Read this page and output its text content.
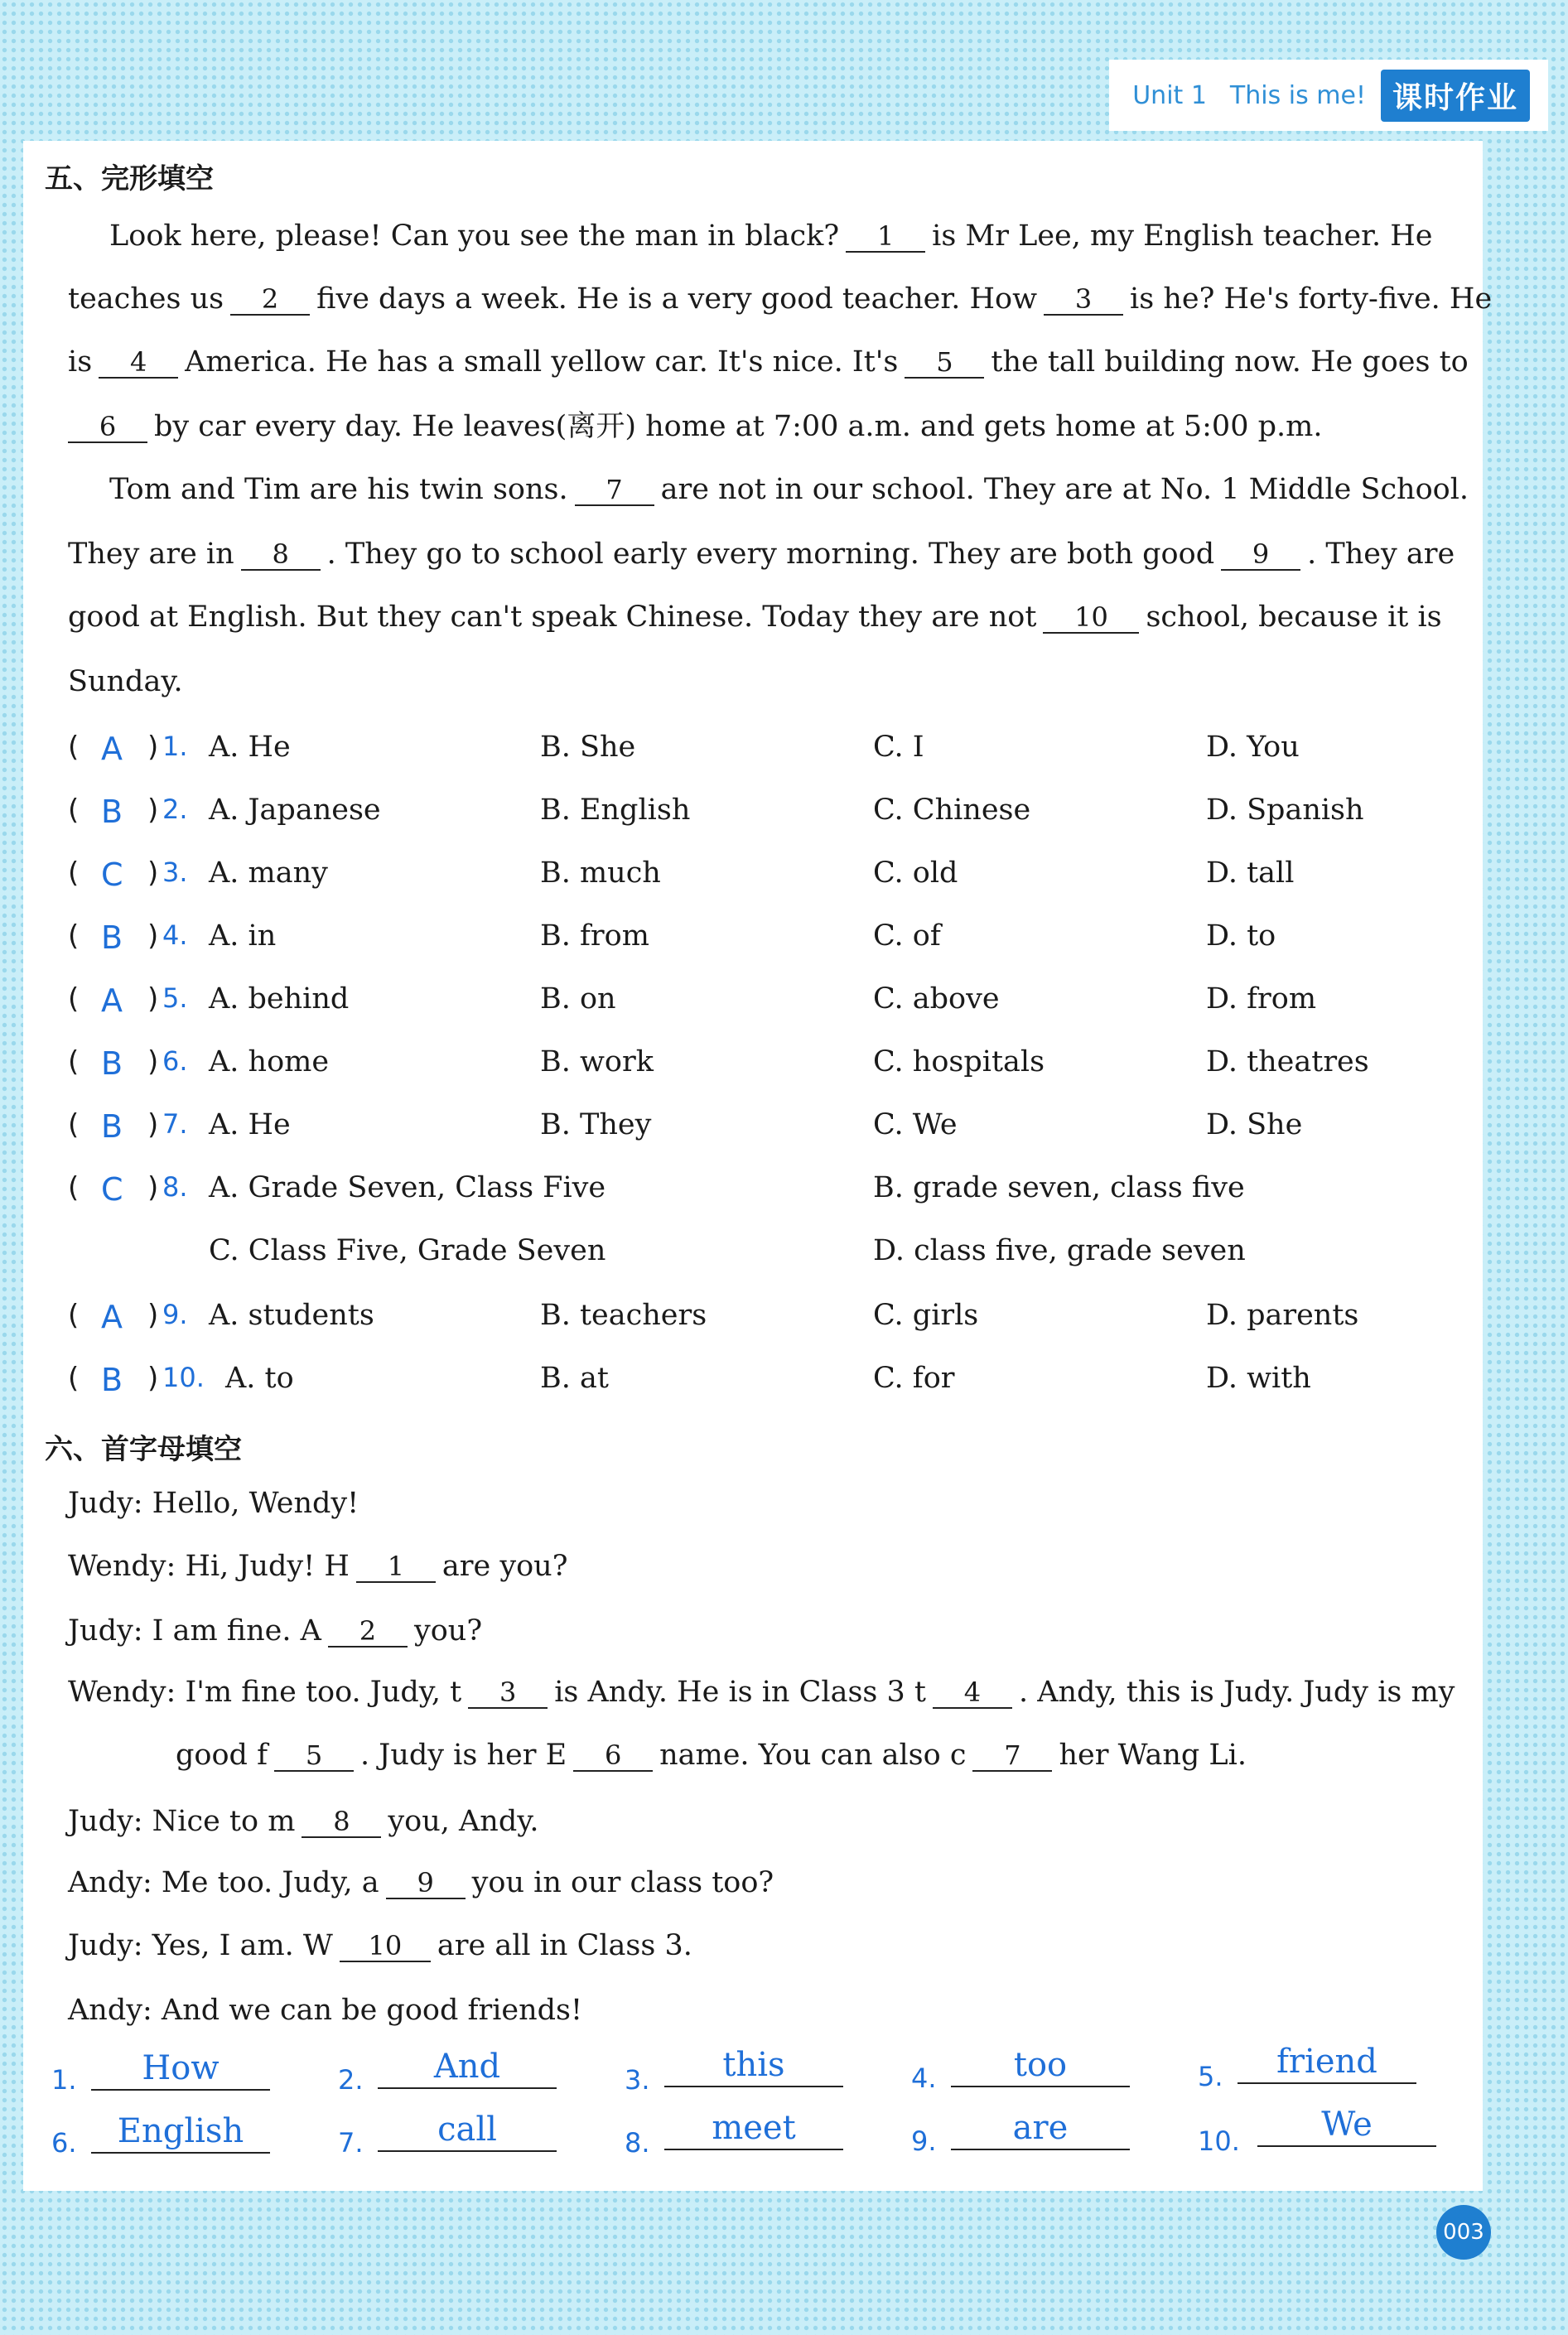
Unit 1 This is me! 课时作业
五、完形填空
Look here, please! Can you see the man in black? 1 is Mr Lee, my English teacher. He
teaches us 2 five days a week. He is a very good teacher. How 3 is he? He's forty-five. He
is 4 America. He has a small yellow car. It's nice. It's 5 the tall building now. He goes to
6 by car every day. He leaves(离开) home at 7:00 a.m. and gets home at 5:00 p.m.
Tom and Tim are his twin sons. 7 are not in our school. They are at No. 1 Middle School.
They are in 8 . They go to school early every morning. They are both good 9 . They are
good at English. But they can't speak Chinese. Today they are not 10 school, because it is
Sunday.
( A ) 1. A. He	B. She	C. I	D. You
( B ) 2. A. Japanese	B. English	C. Chinese	D. Spanish
( C ) 3. A. many	B. much	C. old	D. tall
( B ) 4. A. in	B. from	C. of	D. to
( A ) 5. A. behind	B. on	C. above	D. from
( B ) 6. A. home	B. work	C. hospitals	D. theatres
( B ) 7. A. He	B. They	C. We	D. She
( C ) 8. A. Grade Seven, Class Five	B. grade seven, class five
C. Class Five, Grade Seven	D. class five, grade seven
( A ) 9. A. students	B. teachers	C. girls	D. parents
( B ) 10. A. to	B. at	C. for	D. with
六、首字母填空
Judy: Hello, Wendy!
Wendy: Hi, Judy! H 1 are you?
Judy: I am fine. A 2 you?
Wendy: I'm fine too. Judy, t 3 is Andy. He is in Class 3 t 4 . Andy, this is Judy. Judy is my
good f 5 . Judy is her E 6 name. You can also c 7 her Wang Li.
Judy: Nice to m 8 you, Andy.
Andy: Me too. Judy, a 9 you in our class too?
Judy: Yes, I am. W 10 are all in Class 3.
Andy: And we can be good friends!
1.	How	2.	And	3.	this	4.	too	5.	friend
6.	English	7.	call	8.	meet	9.	are	10.	We
003
